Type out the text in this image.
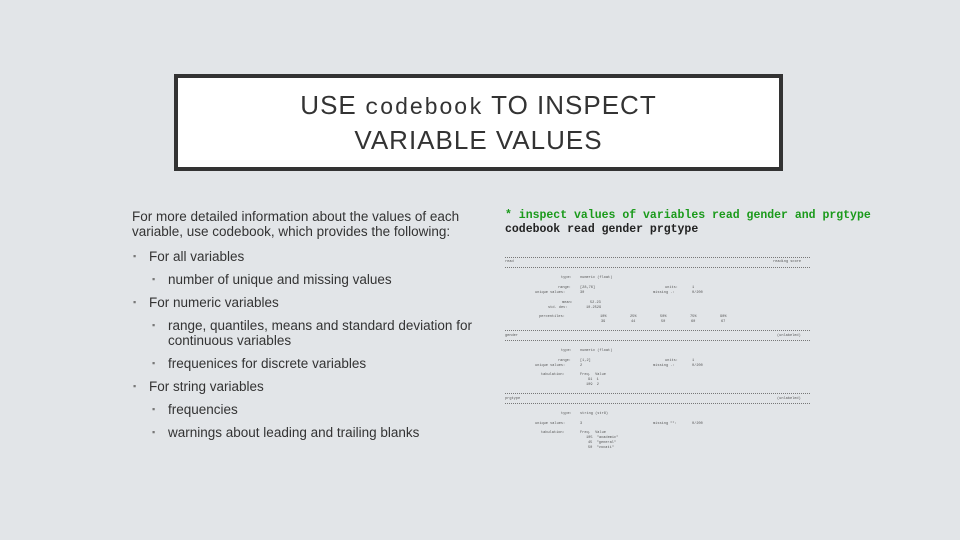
USE codebook TO INSPECT
VARIABLE VALUES
For more detailed information about the values of each variable, use codebook, which provides the following:
▪ For all variables
▪ number of unique and missing values
▪ For numeric variables
▪ range, quantiles, means and standard deviation for continuous variables
▪ frequenices for discrete variables
▪ For string variables
▪ frequencies
▪ warnings about leading and trailing blanks
* inspect values of variables read gender and prgtype
codebook read gender prgtype
read	reading score
type: numeric (float)
range:	[28,76]	units:	1
unique values:	30	missing .:	0/200
mean:	52.23
std. dev:	10.2529
percentiles:	10%	25%	50%	75%	90%
39	44	50	60	67
gender	(unlabeled)
type: numeric (float)
range:	[1,2]	units:	1
unique values:	2	missing .:	0/200
tabulation:	Freq.  Value
91  1
109  2
prgtype	(unlabeled)
type: string (str8)
unique values:	3	missing "":	0/200
tabulation:	Freq.  Value
105  "academic"
45  "general"
50  "vocati"
